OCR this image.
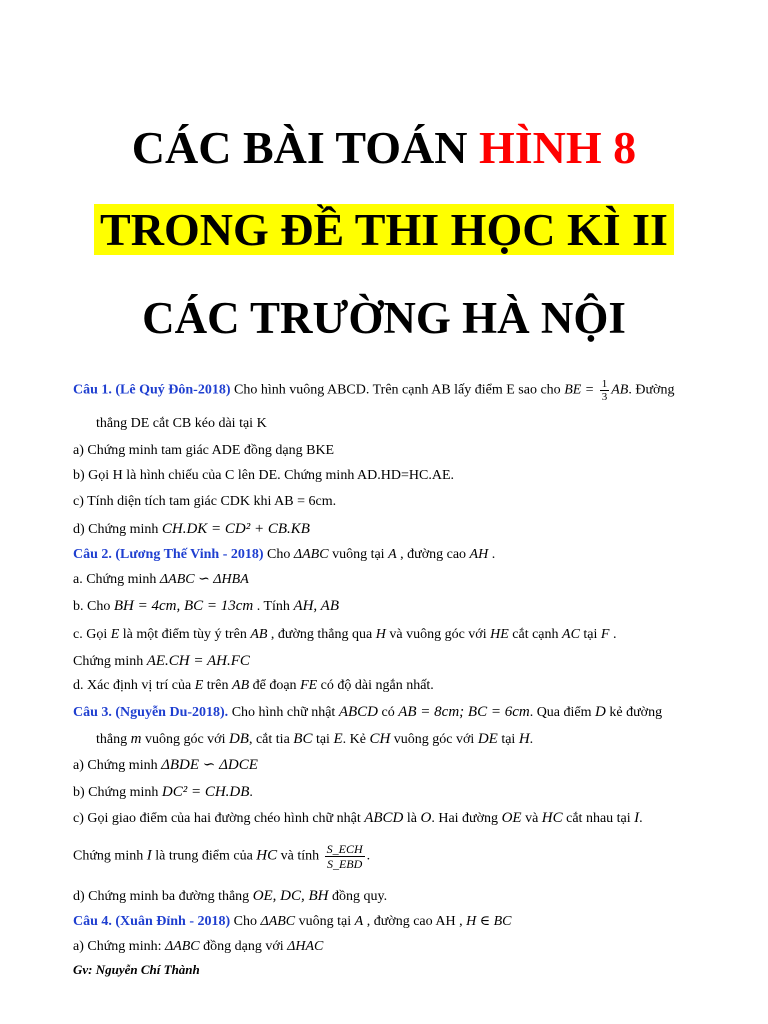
CÁC BÀI TOÁN HÌNH 8
TRONG ĐỀ THI HỌC KÌ II
CÁC TRƯỜNG HÀ NỘI
Câu 1. (Lê Quý Đôn-2018) Cho hình vuông ABCD. Trên cạnh AB lấy điểm E sao cho BE = $\frac{1}{3}$ AB. Đường
thẳng DE cắt CB kéo dài tại K
a) Chứng minh tam giác ADE đồng dạng BKE
b) Gọi H là hình chiếu của C lên DE. Chứng minh AD.HD=HC.AE.
c) Tính diện tích tam giác CDK khi AB = 6cm.
d) Chứng minh CH.DK = CD² + CB.KB
Câu 2. (Lương Thế Vinh - 2018) Cho ΔABC vuông tại A , đường cao AH .
a. Chứng minh ΔABC ∽ ΔHBA
b. Cho BH = 4cm, BC = 13cm . Tính AH, AB
c. Gọi E là một điểm tùy ý trên AB , đường thẳng qua H và vuông góc với HE cắt cạnh AC tại F .
Chứng minh AE.CH = AH.FC
d. Xác định vị trí của E trên AB để đoạn FE có độ dài ngắn nhất.
Câu 3. (Nguyễn Du-2018). Cho hình chữ nhật ABCD có AB = 8cm; BC = 6cm. Qua điểm D kẻ đường
thẳng m vuông góc với DB, cắt tia BC tại E. Kẻ CH vuông góc với DE tại H.
a) Chứng minh ΔBDE ∽ ΔDCE
b) Chứng minh DC² = CH.DB.
c) Gọi giao điểm của hai đường chéo hình chữ nhật ABCD là O. Hai đường OE và HC cắt nhau tại I.
Chứng minh I là trung điểm của HC và tính $\frac{\text{S\_ECH}}{\text{S\_EBD}}$ .
d) Chứng minh ba đường thẳng OE, DC, BH đồng quy.
Câu 4. (Xuân Đỉnh - 2018) Cho ΔABC vuông tại A , đường cao AH , H ∈ BC
a) Chứng minh: ΔABC đồng dạng với ΔHAC
Gv: Nguyễn Chí Thành
